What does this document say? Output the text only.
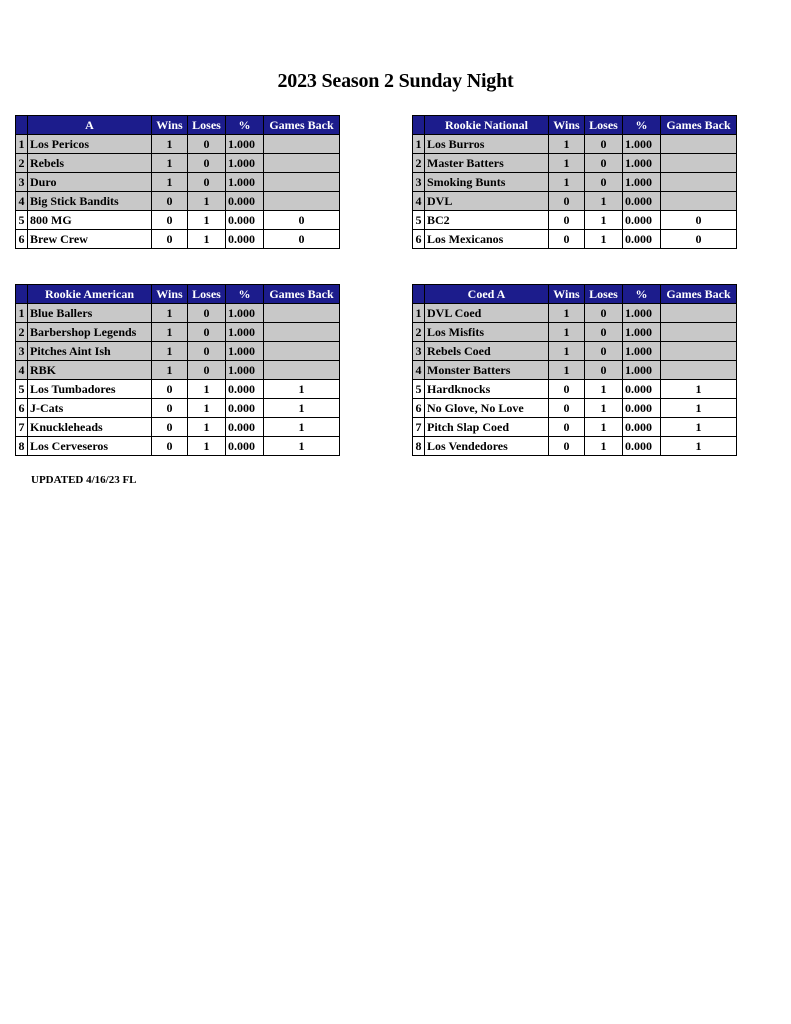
2023 Season 2 Sunday Night
	A	Wins	Loses	%	Games Back
1	Los Pericos	1	0	1.000	
2	Rebels	1	0	1.000	
3	Duro	1	0	1.000	
4	Big Stick Bandits	0	1	0.000	
5	800 MG	0	1	0.000	0
6	Brew Crew	0	1	0.000	0
	Rookie National	Wins	Loses	%	Games Back
1	Los Burros	1	0	1.000	
2	Master Batters	1	0	1.000	
3	Smoking Bunts	1	0	1.000	
4	DVL	0	1	0.000	
5	BC2	0	1	0.000	0
6	Los Mexicanos	0	1	0.000	0
	Rookie American	Wins	Loses	%	Games Back
1	Blue Ballers	1	0	1.000	
2	Barbershop Legends	1	0	1.000	
3	Pitches Aint Ish	1	0	1.000	
4	RBK	1	0	1.000	
5	Los Tumbadores	0	1	0.000	1
6	J-Cats	0	1	0.000	1
7	Knuckleheads	0	1	0.000	1
8	Los Cerveseros	0	1	0.000	1
	Coed A	Wins	Loses	%	Games Back
1	DVL Coed	1	0	1.000	
2	Los Misfits	1	0	1.000	
3	Rebels Coed	1	0	1.000	
4	Monster Batters	1	0	1.000	
5	Hardknocks	0	1	0.000	1
6	No Glove, No Love	0	1	0.000	1
7	Pitch Slap Coed	0	1	0.000	1
8	Los Vendedores	0	1	0.000	1
UPDATED 4/16/23 FL
